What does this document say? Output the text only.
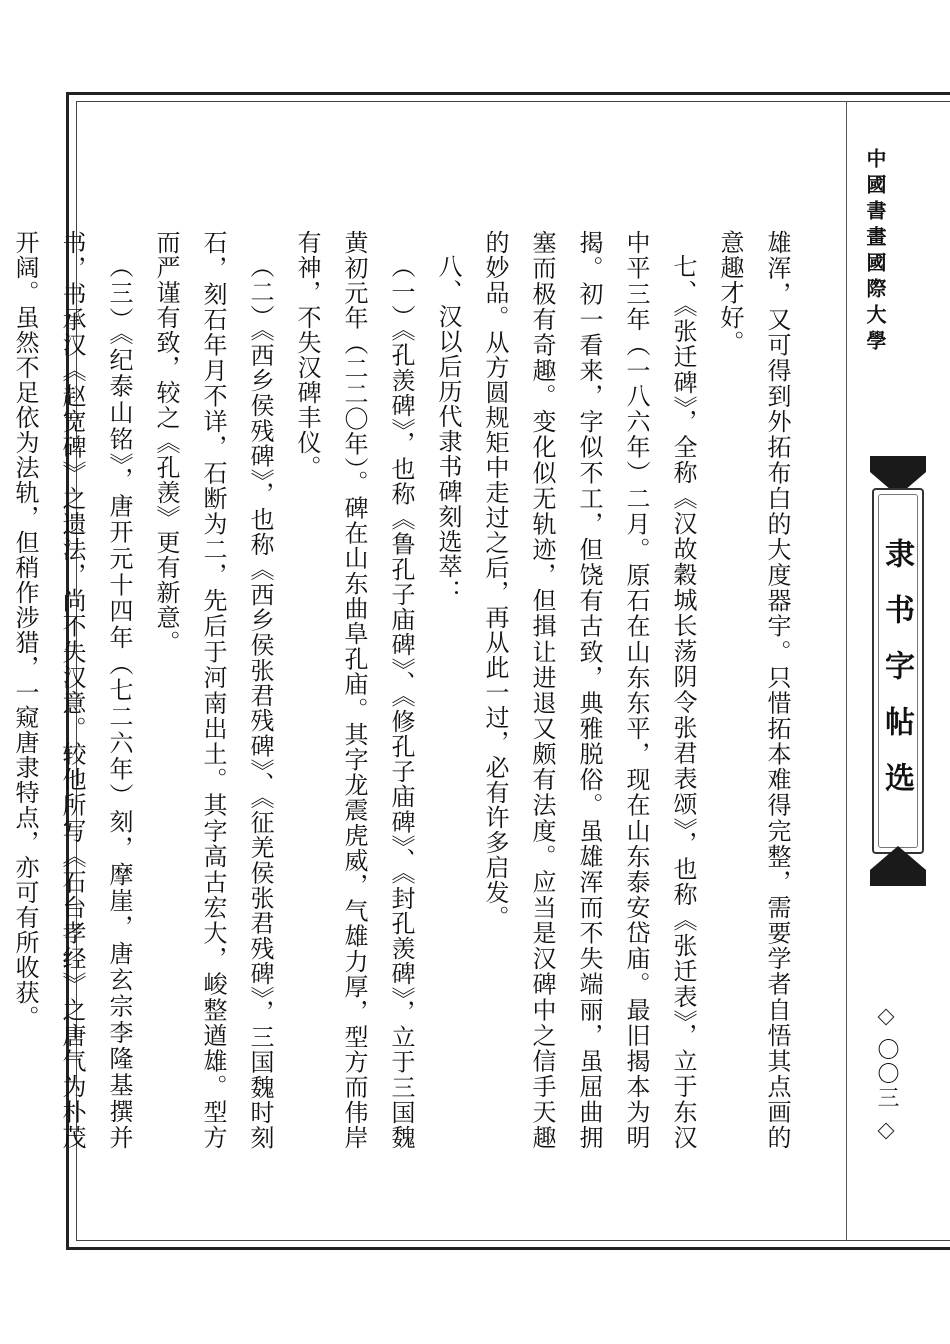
雄浑，又可得到外拓布白的大度器宇。只惜拓本难得完整，需要学者自悟其点画的意趣才好。

七、《张迁碑》，全称《汉故穀城长荡阴令张君表颂》，也称《张迁表》，立于东汉中平三年（一八六年）二月。原石在山东东平，现在山东泰安岱庙。最旧揭本为明揭。初一看来，字似不工，但饶有古致，典雅脱俗。虽雄浑而不失端丽，虽屈曲拥塞而极有奇趣。变化似无轨迹，但揖让进退又颇有法度。应当是汉碑中之信手天趣的妙品。从方圆规矩中走过之后，再从此一过，必有许多启发。

八、汉以后历代隶书碑刻选萃：

（一）《孔羡碑》，也称《鲁孔子庙碑》、《修孔子庙碑》、《封孔羡碑》，立于三国魏黄初元年（二二〇年）。碑在山东曲阜孔庙。其字龙震虎威，气雄力厚，型方而伟岸有神，不失汉碑丰仪。

（二）《西乡侯残碑》，也称《西乡侯张君残碑》、《征羌侯张君残碑》，三国魏时刻石，刻石年月不详，石断为二，先后于河南出土。其字高古宏大，峻整遒雄。型方而严谨有致，较之《孔羡》更有新意。

（三）《纪泰山铭》，唐开元十四年（七二六年）刻，摩崖，唐玄宗李隆基撰并书，书承汉《赵宽碑》之遗法，尚不失汉意。较他所写《石台孝经》之唐气为朴茂开阔。虽然不足依为法轨，但稍作涉猎，一窥唐隶特点，亦可有所收获。	中國書畫國際大學
隶书字帖选
〇〇三
